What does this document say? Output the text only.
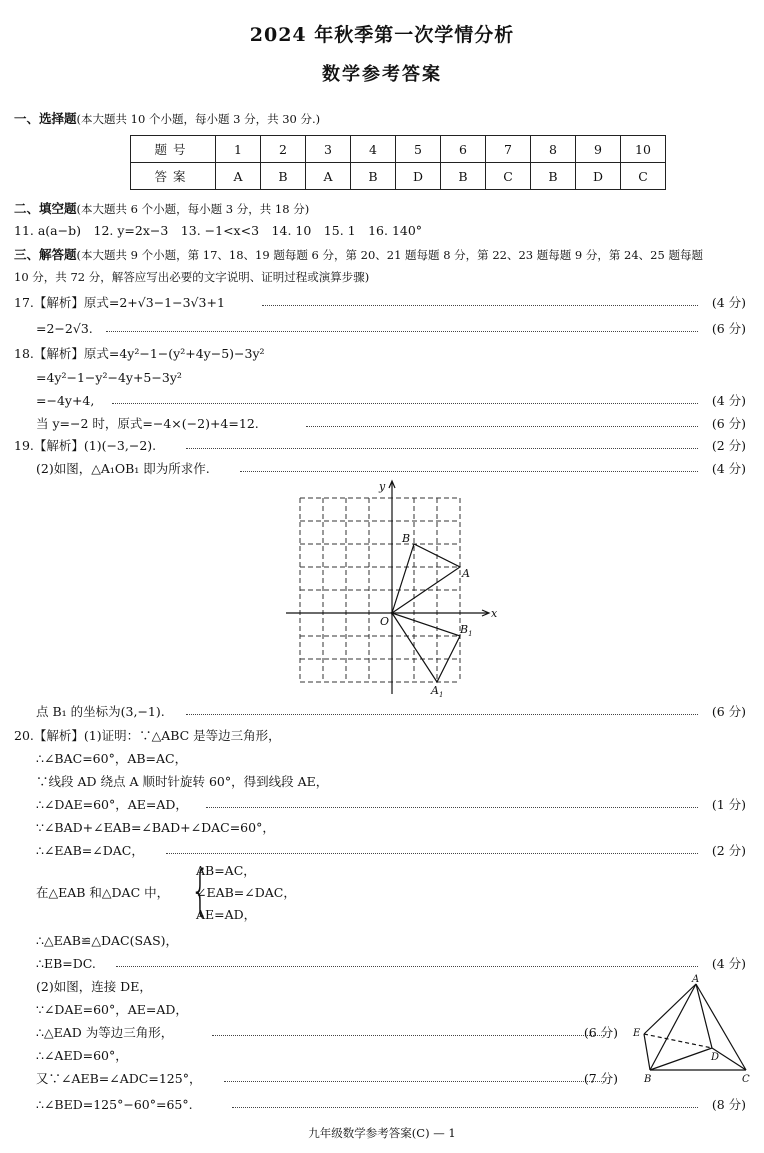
2024 年秋季第一次学情分析
数学参考答案
一、选择题(本大题共 10 个小题，每小题 3 分，共 30 分.)
题号	1	2	3	4	5	6	7	8	9	10
答案	A	B	A	B	D	B	C	B	D	C
二、填空题(本大题共 6 个小题，每小题 3 分，共 18 分)
11. a(a−b)　12. y=2x−3　13. −1<x<3　14. 10　15. 1　16. 140°
三、解答题(本大题共 9 个小题，第 17、18、19 题每题 6 分，第 20、21 题每题 8 分，第 22、23 题每题 9 分，第 24、25 题每题
10 分，共 72 分，解答应写出必要的文字说明、证明过程或演算步骤)
17.【解析】原式=2+√3−1−3√3+1	(4 分)
=2−2√3.	(6 分)
18.【解析】原式=4y²−1−(y²+4y−5)−3y²
=4y²−1−y²−4y+5−3y²
=−4y+4,	(4 分)
当 y=−2 时，原式=−4×(−2)+4=12.	(6 分)
19.【解析】(1)(−3,−2).	(2 分)
(2)如图，△A₁OB₁ 即为所求作.	(4 分)
y
x
O
B
A
$B_1$
$A_1$
点 B₁ 的坐标为(3,−1).	(6 分)
20.【解析】(1)证明：∵△ABC 是等边三角形，
∴∠BAC=60°，AB=AC，
∵线段 AD 绕点 A 顺时针旋转 60°，得到线段 AE，
∴∠DAE=60°，AE=AD，	(1 分)
∵∠BAD+∠EAB=∠BAD+∠DAC=60°，
∴∠EAB=∠DAC，	(2 分)
在△EAB 和△DAC 中， {
AB=AC，
∠EAB=∠DAC，
AE=AD，
∴△EAB≌△DAC(SAS)，
∴EB=DC.	(4 分)
(2)如图，连接 DE，
∵∠DAE=60°，AE=AD，
∴△EAD 为等边三角形，	(6 分)
∴∠AED=60°，
又∵∠AEB=∠ADC=125°，	(7 分)
∴∠BED=125°−60°=65°.	(8 分)
A
E
D
B	C
九年级数学参考答案(C) — 1
